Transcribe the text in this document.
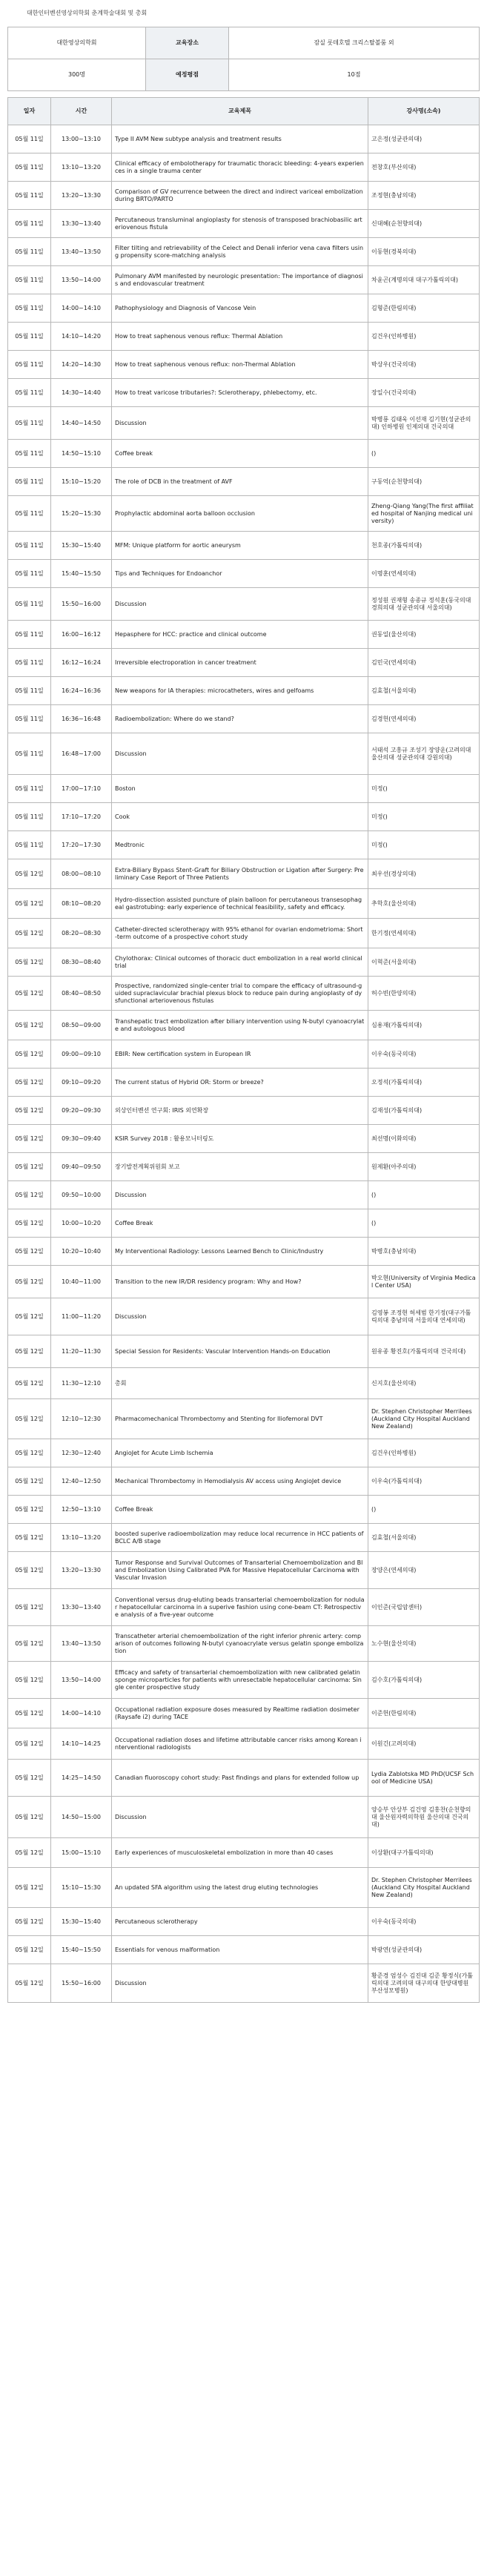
대한인터벤션영상의학회 춘계학술대회 및 총회
대한영상의학회	교육장소	잠실 롯데호텔 크리스탈볼룸 외
300명	예정평점	10점
일자	시간	교육제목	강사명(소속)
05월 11일	13:00~13:10	Type II AVM New subtype analysis and treatment results	고은정(성균관의대)
05월 11일	13:10~13:20	Clinical efficacy of embolotherapy for traumatic thoracic bleeding: 4-years experiences in a single trauma center	전창호(부산의대)
05월 11일	13:20~13:30	Comparison of GV recurrence between the direct and indirect variceal embolization during BRTO/PARTO	조정현(충남의대)
05월 11일	13:30~13:40	Percutaneous transluminal angioplasty for stenosis of transposed brachiobasilic arteriovenous fistula	신대혜(순천향의대)
05월 11일	13:40~13:50	Filter tilting and retrievability of the Celect and Denali inferior vena cava filters using propensity score-matching analysis	이동현(경북의대)
05월 11일	13:50~14:00	Pulmonary AVM manifested by neurologic presentation: The importance of diagnosis and endovascular treatment	차윤곤(계명의대 대구가톨릭의대)
05월 11일	14:00~14:10	Pathophysiology and Diagnosis of Vancose Vein	김형준(한림의대)
05월 11일	14:10~14:20	How to treat saphenous venous reflux: Thermal Ablation	김건우(인하병원)
05월 11일	14:20~14:30	How to treat saphenous venous reflux: non-Thermal Ablation	박상우(건국의대)
05월 11일	14:30~14:40	How to treat varicose tributaries?: Sclerotherapy, phlebectomy, etc.	장일수(건국의대)
05월 11일	14:40~14:50	Discussion	박병룡 김태욱 이선재 김기현(성균관의대) 인하병원 인제의대 건국의대
05월 11일	14:50~15:10	Coffee break	()
05월 11일	15:10~15:20	The role of DCB in the treatment of AVF	구동억(순천향의대)
05월 11일	15:20~15:30	Prophylactic abdominal aorta balloon occlusion	Zheng-Qiang Yang(The first affiliated hospital of Nanjing medical university)
05월 11일	15:30~15:40	MFM: Unique platform for aortic aneurysm	천호종(가톨릭의대)
05월 11일	15:40~15:50	Tips and Techniques for Endoanchor	이명훈(연세의대)
05월 11일	15:50~16:00	Discussion	정성원 권재형 송종규 정석훈(동국의대 경희의대 성균관의대 서울의대)
05월 11일	16:00~16:12	Hepasphere for HCC: practice and clinical outcome	권동일(울산의대)
05월 11일	16:12~16:24	Irreversible electroporation in cancer treatment	김민국(연세의대)
05월 11일	16:24~16:36	New weapons for IA therapies: microcatheters, wires and gelfoams	김효철(서울의대)
05월 11일	16:36~16:48	Radioembolization: Where do we stand?	김경헌(연세의대)
05월 11일	16:48~17:00	Discussion	서태석 고흥규 조성기 장양운(고려의대 울산의대 성균관의대 강원의대)
05월 11일	17:00~17:10	Boston	미정()
05월 11일	17:10~17:20	Cook	미정()
05월 11일	17:20~17:30	Medtronic	미정()
05월 12일	08:00~08:10	Extra-Biliary Bypass Stent-Graft for Biliary Obstruction or Ligation after Surgery: Preliminary Case Report of Three Patients	최우선(경상의대)
05월 12일	08:10~08:20	Hydro-dissection assisted puncture of plain balloon for percutaneous transesophageal gastrotubing: early experience of technical feasibility, safety and efficacy.	추학호(울산의대)
05월 12일	08:20~08:30	Catheter-directed sclerotherapy with 95% ethanol for ovarian endometrioma: Short-term outcome of a prospective cohort study	한기정(연세의대)
05월 12일	08:30~08:40	Chylothorax: Clinical outcomes of thoracic duct embolization in a real world clinical trial	이혁준(서울의대)
05월 12일	08:40~08:50	Prospective, randomized single-center trial to compare the efficacy of ultrasound-guided supraclavicular brachial plexus block to reduce pain during angioplasty of dysfunctional arteriovenous fistulas	허수빈(한양의대)
05월 12일	08:50~09:00	Transhepatic tract embolization after biliary intervention using N-butyl cyanoacrylate and autologous blood	심용재(가톨릭의대)
05월 12일	09:00~09:10	EBIR: New certification system in European IR	이우숙(동국의대)
05월 12일	09:10~09:20	The current status of Hybrid OR: Storm or breeze?	오정석(가톨릭의대)
05월 12일	09:20~09:30	외상인터벤션 연구회: IRIS 외연확장	김재성(가톨릭의대)
05월 12일	09:30~09:40	KSIR Survey 2018 : 활용모니터링도	최선명(이화의대)
05월 12일	09:40~09:50	장기발전계획위원회 보고	원제환(아주의대)
05월 12일	09:50~10:00	Discussion	()
05월 12일	10:00~10:20	Coffee Break	()
05월 12일	10:20~10:40	My Interventional Radiology: Lessons Learned Bench to Clinic/Industry	박병호(충남의대)
05월 12일	10:40~11:00	Transition to the new IR/DR residency program: Why and How?	박오현(University of Virginia Medical Center USA)
05월 12일	11:00~11:20	Discussion	김영봉 조정현 허세범 한기정(대구가톨릭의대 충남의대 서울의대 연세의대)
05월 12일	11:20~11:30	Special Session for Residents: Vascular Intervention Hands-on Education	원유종 황진호(가톨릭의대 건국의대)
05월 12일	11:30~12:10	총회	신지호(울산의대)
05월 12일	12:10~12:30	Pharmacomechanical Thrombectomy and Stenting for Iliofemoral DVT	Dr. Stephen Christopher Merrilees(Auckland City Hospital Auckland New Zealand)
05월 12일	12:30~12:40	AngioJet for Acute Limb Ischemia	김건우(인하병원)
05월 12일	12:40~12:50	Mechanical Thrombectomy in Hemodialysis AV access using AngioJet device	이우숙(가톨릭의대)
05월 12일	12:50~13:10	Coffee Break	()
05월 12일	13:10~13:20	boosted superive radioembolization may reduce local recurrence in HCC patients of BCLC A/B stage	김효철(서울의대)
05월 12일	13:20~13:30	Tumor Response and Survival Outcomes of Transarterial Chemoembolization and Bland Embolization Using Calibrated PVA for Massive Hepatocellular Carcinoma with Vascular Invasion	장양은(연세의대)
05월 12일	13:30~13:40	Conventional versus drug-eluting beads transarterial chemoembolization for nodular hepatocellular carcinoma in a superive fashion using cone-beam CT: Retrospective analysis of a five-year outcome	이인준(국립암센터)
05월 12일	13:40~13:50	Transcatheter arterial chemoembolization of the right inferior phrenic artery: comparison of outcomes following N-butyl cyanoacrylate versus gelatin sponge embolization	노수현(울산의대)
05월 12일	13:50~14:00	Efficacy and safety of transarterial chemoembolization with new calibrated gelatin sponge microparticles for patients with unresectable hepatocellular carcinoma: Single center prospective study	김수호(가톨릭의대)
05월 12일	14:00~14:10	Occupational radiation exposure doses measured by Realtime radiation dosimeter (Raysafe i2) during TACE	이준헌(한림의대)
05월 12일	14:10~14:25	Occupational radiation doses and lifetime attributable cancer risks among Korean interventional radiologists	이원긴(고려의대)
05월 12일	14:25~14:50	Canadian fluoroscopy cohort study: Past findings and plans for extended follow up	Lydia Zablotska MD PhD(UCSF School of Medicine USA)
05월 12일	14:50~15:00	Discussion	양승부 안상부 김건영 김홍찬(순천향의대 울산원자력의학원 울산의대 건국의대)
05월 12일	15:00~15:10	Early experiences of musculoskeletal embolization in more than 40 cases	이상환(대구가톨릭의대)
05월 12일	15:10~15:30	An updated SFA algorithm using the latest drug eluting technologies	Dr. Stephen Christopher Merrilees(Auckland City Hospital Auckland New Zealand)
05월 12일	15:30~15:40	Percutaneous sclerotherapy	이우숙(동국의대)
05월 12일	15:40~15:50	Essentials for venous malformation	박광연(성균관의대)
05월 12일	15:50~16:00	Discussion	황준경 엄성수 김진대 김준 황정식(가톨릭의대 고려의대 대구의대 한양대병원 부산성모병원)
